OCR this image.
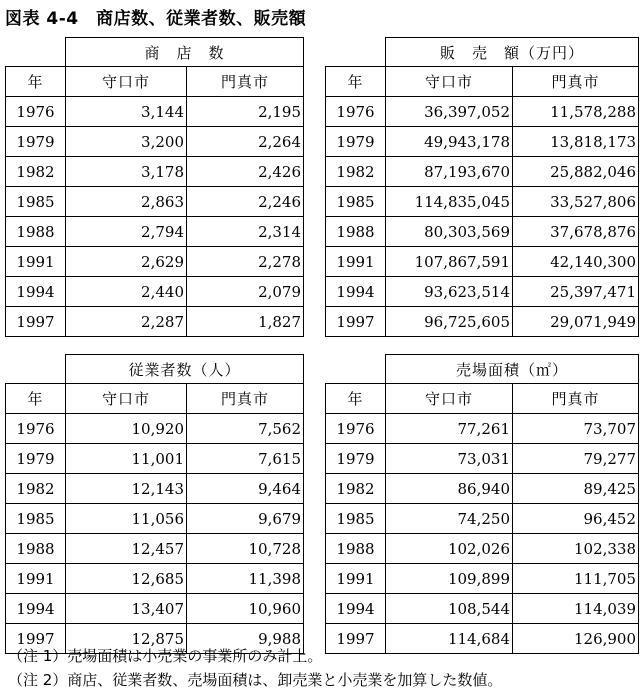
図表 4-4　商店数、従業者数、販売額
	商　店　数	
年	守口市	門真市
1976	3,144	2,195
1979	3,200	2,264
1982	3,178	2,426
1985	2,863	2,246
1988	2,794	2,314
1991	2,629	2,278
1994	2,440	2,079
1997	2,287	1,827
	販　売　額（万円）	
年	守口市	門真市
1976	36,397,052	11,578,288
1979	49,943,178	13,818,173
1982	87,193,670	25,882,046
1985	114,835,045	33,527,806
1988	80,303,569	37,678,876
1991	107,867,591	42,140,300
1994	93,623,514	25,397,471
1997	96,725,605	29,071,949
	従業者数（人）	
年	守口市	門真市
1976	10,920	7,562
1979	11,001	7,615
1982	12,143	9,464
1985	11,056	9,679
1988	12,457	10,728
1991	12,685	11,398
1994	13,407	10,960
1997	12,875	9,988
	売場面積（㎡）	
年	守口市	門真市
1976	77,261	73,707
1979	73,031	79,277
1982	86,940	89,425
1985	74,250	96,452
1988	102,026	102,338
1991	109,899	111,705
1994	108,544	114,039
1997	114,684	126,900
（注 1）売場面積は小売業の事業所のみ計上。
（注 2）商店、従業者数、売場面積は、卸売業と小売業を加算した数値。
